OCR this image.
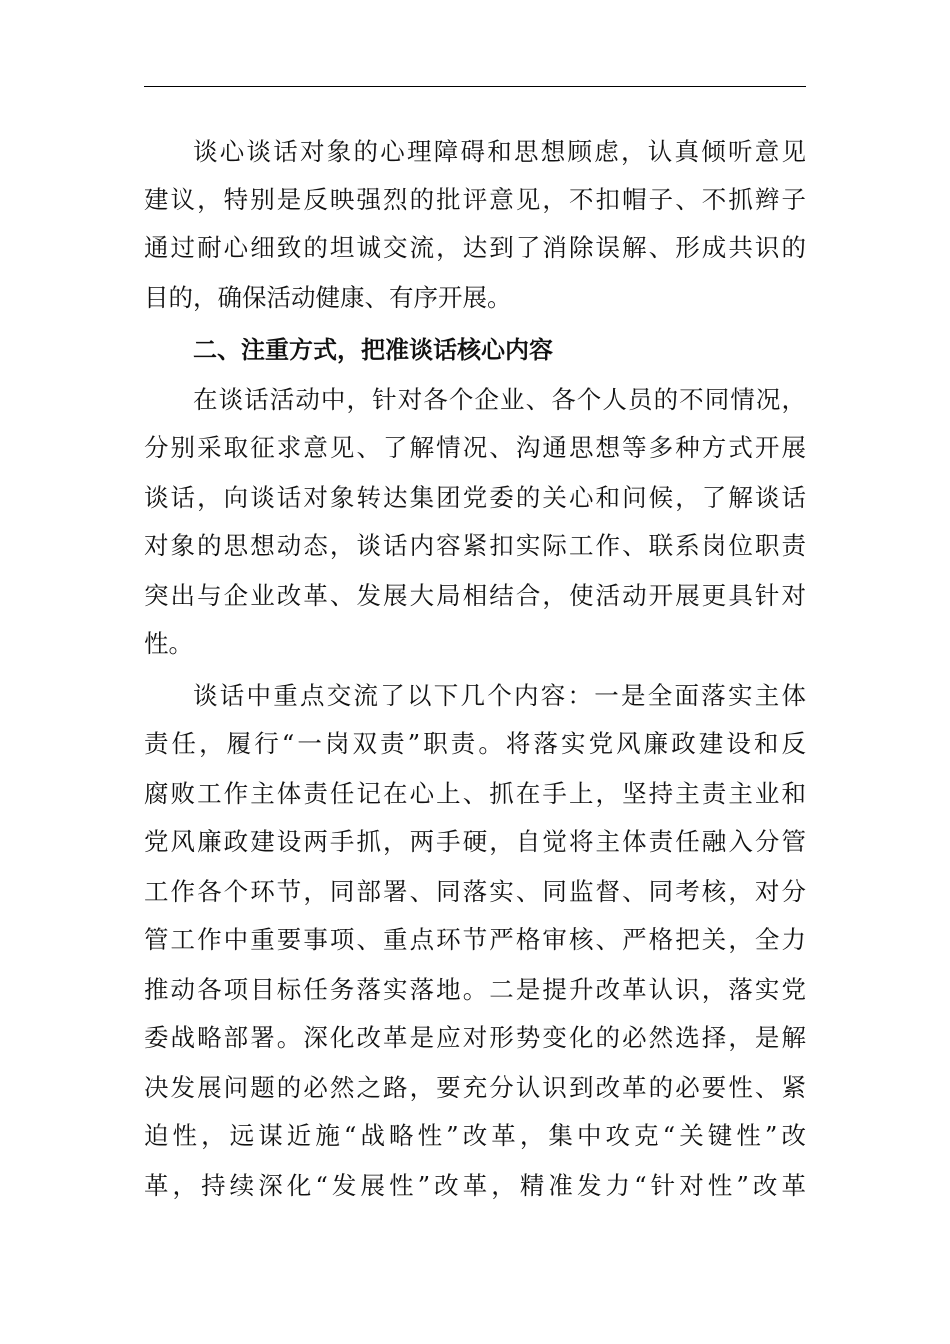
谈心谈话对象的心理障碍和思想顾虑，认真倾听意见
建议，特别是反映强烈的批评意见，不扣帽子、不抓辫子
通过耐心细致的坦诚交流，达到了消除误解、形成共识的
目的，确保活动健康、有序开展。
二、注重方式，把准谈话核心内容
在谈话活动中，针对各个企业、各个人员的不同情况，
分别采取征求意见、了解情况、沟通思想等多种方式开展
谈话，向谈话对象转达集团党委的关心和问候，了解谈话
对象的思想动态，谈话内容紧扣实际工作、联系岗位职责
突出与企业改革、发展大局相结合，使活动开展更具针对
性。
谈话中重点交流了以下几个内容：一是全面落实主体
责任，履行“一岗双责”职责。将落实党风廉政建设和反
腐败工作主体责任记在心上、抓在手上，坚持主责主业和
党风廉政建设两手抓，两手硬，自觉将主体责任融入分管
工作各个环节，同部署、同落实、同监督、同考核，对分
管工作中重要事项、重点环节严格审核、严格把关，全力
推动各项目标任务落实落地。二是提升改革认识，落实党
委战略部署。深化改革是应对形势变化的必然选择，是解
决发展问题的必然之路，要充分认识到改革的必要性、紧
迫性，远谋近施“战略性”改革，集中攻克“关键性”改
革，持续深化“发展性”改革，精准发力“针对性”改革
